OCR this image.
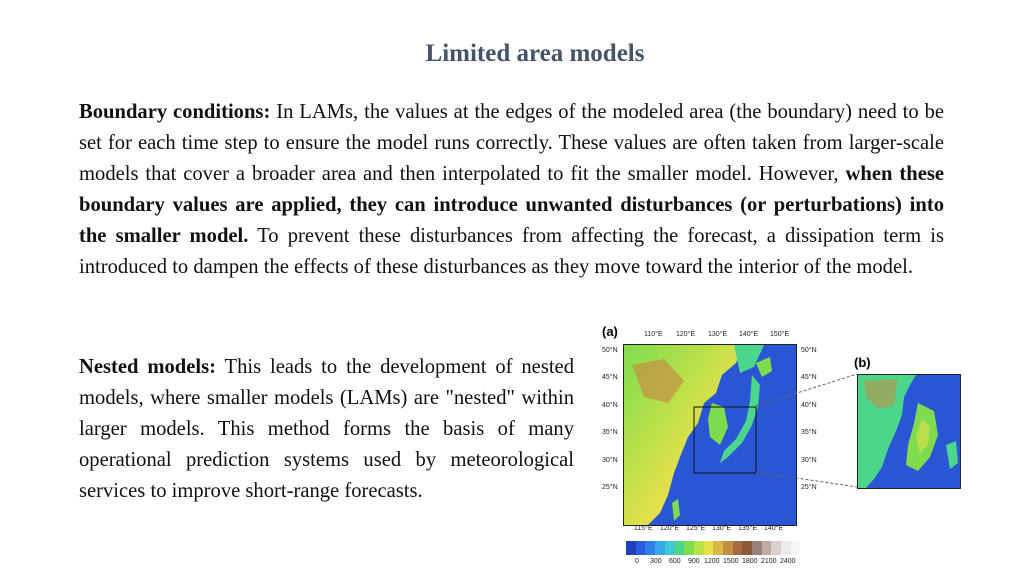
Limited area models

Boundary conditions: In LAMs, the values at the edges of the modeled area (the boundary) need to be set for each time step to ensure the model runs correctly. These values are often taken from larger-scale models that cover a broader area and then interpolated to fit the smaller model. However, when these boundary values are applied, they can introduce unwanted disturbances (or perturbations) into the smaller model. To prevent these disturbances from affecting the forecast, a dissipation term is introduced to dampen the effects of these disturbances as they move toward the interior of the model.

Nested models: This leads to the development of nested models, where smaller models (LAMs) are "nested" within larger models. This method forms the basis of many operational prediction systems used by meteorological services to improve short-range forecasts.

(a)
(b)
110°E 120°E 130°E 140°E 150°E
50°N
45°N
40°N
35°N
30°N
25°N
50°N
45°N
40°N
35°N
30°N
25°N
115°E 120°E 125°E 130°E 135°E 140°E
0 300 600 900 1200 1500 1800 2100 2400
